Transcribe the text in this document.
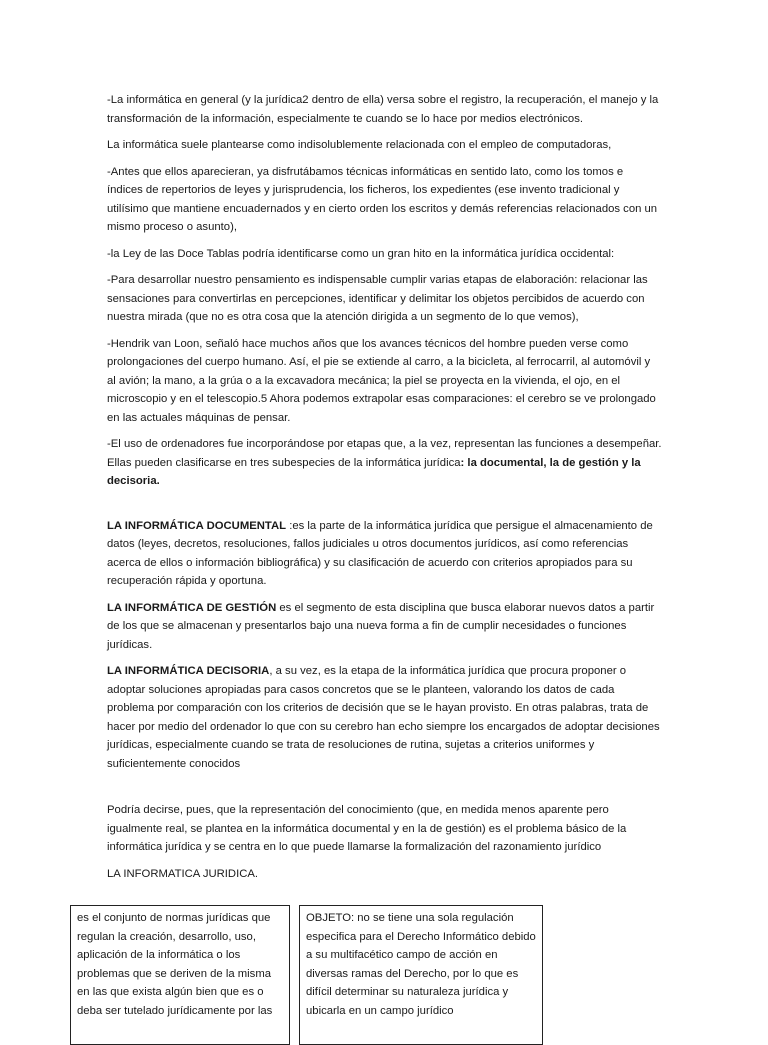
-La informática en general (y la jurídica2 dentro de ella) versa sobre el registro, la recuperación, el manejo y la transformación de la información, especialmente te cuando se lo hace por medios electrónicos.

La informática suele plantearse como indisolublemente relacionada con el empleo de computadoras,

-Antes que ellos aparecieran, ya disfrutábamos técnicas informáticas en sentido lato, como los tomos e índices de repertorios de leyes y jurisprudencia, los ficheros, los expedientes (ese invento tradicional y utilísimo que mantiene encuadernados y en cierto orden los escritos y demás referencias relacionados con un mismo proceso o asunto),

-la Ley de las Doce Tablas podría identificarse como un gran hito en la informática jurídica occidental:

-Para desarrollar nuestro pensamiento es indispensable cumplir varias etapas de elaboración: relacionar las sensaciones para convertirlas en percepciones, identificar y delimitar los objetos percibidos de acuerdo con nuestra mirada (que no es otra cosa que la atención dirigida a un segmento de lo que vemos),

-Hendrik van Loon, señaló hace muchos años que los avances técnicos del hombre pueden verse como prolongaciones del cuerpo humano. Así, el pie se extiende al carro, a la bicicleta, al ferrocarril, al automóvil y al avión; la mano, a la grúa o a la excavadora mecánica; la piel se proyecta en la vivienda, el ojo, en el microscopio y en el telescopio.5 Ahora podemos extrapolar esas comparaciones: el cerebro se ve prolongado en las actuales máquinas de pensar.

-El uso de ordenadores fue incorporándose por etapas que, a la vez, representan las funciones a desempeñar. Ellas pueden clasificarse en tres subespecies de la informática jurídica: la documental, la de gestión y la decisoria.

LA INFORMÁTICA DOCUMENTAL :es la parte de la informática jurídica que persigue el almacenamiento de datos (leyes, decretos, resoluciones, fallos judiciales u otros documentos jurídicos, así como referencias acerca de ellos o información bibliográfica) y su clasificación de acuerdo con criterios apropiados para su recuperación rápida y oportuna.

LA INFORMÁTICA DE GESTIÓN es el segmento de esta disciplina que busca elaborar nuevos datos a partir de los que se almacenan y presentarlos bajo una nueva forma a fin de cumplir necesidades o funciones jurídicas.

LA INFORMÁTICA DECISORIA, a su vez, es la etapa de la informática jurídica que procura proponer o adoptar soluciones apropiadas para casos concretos que se le planteen, valorando los datos de cada problema por comparación con los criterios de decisión que se le hayan provisto. En otras palabras, trata de hacer por medio del ordenador lo que con su cerebro han echo siempre los encargados de adoptar decisiones jurídicas, especialmente cuando se trata de resoluciones de rutina, sujetas a criterios uniformes y suficientemente conocidos

Podría decirse, pues, que la representación del conocimiento (que, en medida menos aparente pero igualmente real, se plantea en la informática documental y en la de gestión) es el problema básico de la informática jurídica y se centra en lo que puede llamarse la formalización del razonamiento jurídico

LA INFORMATICA JURIDICA.

es el conjunto de normas jurídicas que regulan la creación, desarrollo, uso, aplicación de la informática o los problemas que se deriven de la misma en las que exista algún bien que es o deba ser tutelado jurídicamente por las
OBJETO: no se tiene una sola regulación especifica para el Derecho Informático debido a su multifacético campo de acción en diversas ramas del Derecho, por lo que es difícil determinar su naturaleza jurídica y ubicarla en un campo jurídico
